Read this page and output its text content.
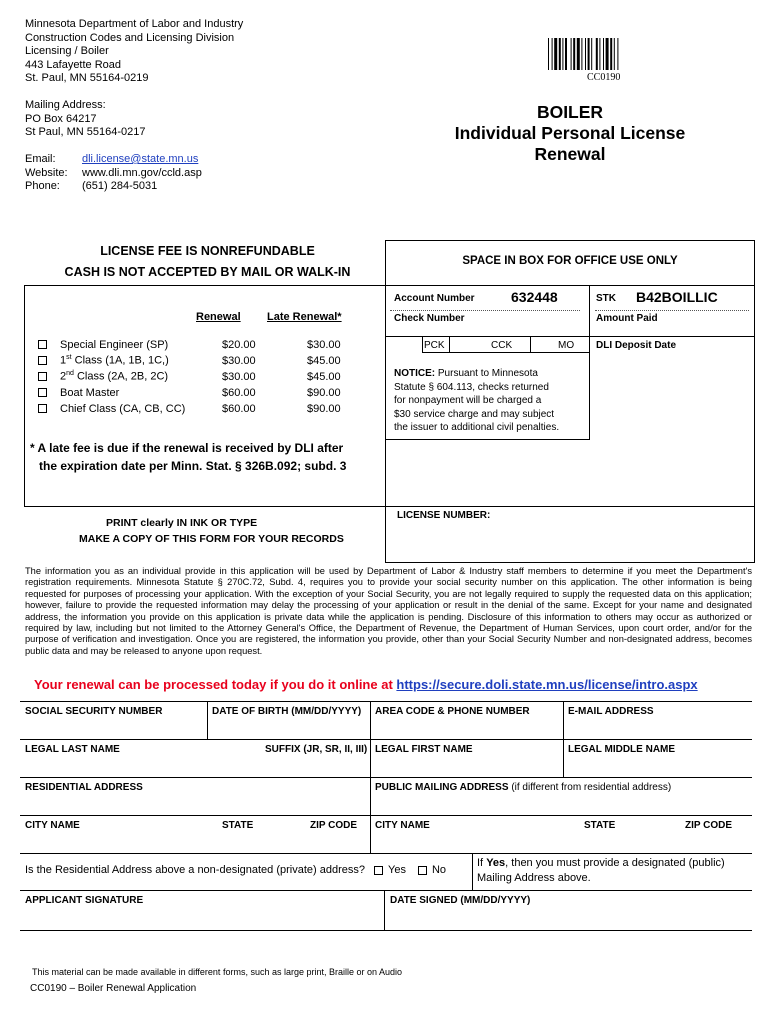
Minnesota Department of Labor and Industry
Construction Codes and Licensing Division
Licensing / Boiler
443 Lafayette Road
St. Paul, MN 55164-0219
Mailing Address:
PO Box 64217
St Paul, MN 55164-0217
Email: dli.license@state.mn.us
Website: www.dli.mn.gov/ccld.asp
Phone: (651) 284-5031
CC0190
BOILER
Individual Personal License
Renewal
LICENSE FEE IS NONREFUNDABLE
CASH IS NOT ACCEPTED BY MAIL OR WALK-IN
SPACE IN BOX FOR OFFICE USE ONLY
Account Number	632448	STK B42BOILLIC
Check Number	Amount Paid
PCK	CCK	MO DLI Deposit Date
NOTICE: Pursuant to Minnesota
Statute § 604.113, checks returned
for nonpayment will be charged a
$30 service charge and may subject
the issuer to additional civil penalties.
LICENSE NUMBER:
Renewal Late Renewal*
Special Engineer (SP)	$20.00	$30.00
1st Class (1A, 1B, 1C,)	$30.00	$45.00
2nd Class (2A, 2B, 2C)	$30.00	$45.00
Boat Master	$60.00	$90.00
Chief Class (CA, CB, CC)	$60.00	$90.00
* A late fee is due if the renewal is received by DLI after
the expiration date per Minn. Stat. § 326B.092; subd. 3
PRINT clearly IN INK OR TYPE
MAKE A COPY OF THIS FORM FOR YOUR RECORDS
The information you as an individual provide in this application will be used by Department of Labor & Industry staff members to determine if you meet the Department's registration requirements. Minnesota Statute § 270C.72, Subd. 4, requires you to provide your social security number on this application. The other information is being requested for purposes of processing your application. With the exception of your Social Security, you are not legally required to supply the requested data on this application; however, failure to provide the requested information may delay the processing of your application or result in the denial of the same. Except for your name and designated address, the information you provide on this application is private data while the application is pending. Disclosure of this information to others may occur as authorized or required by law, including but not limited to the Attorney General's Office, the Department of Revenue, the Department of Human Services, upon court order, and/or for the purpose of verification and investigation. Once you are registered, the information you provide, other than your Social Security Number and non-designated address, becomes public data and may be released to anyone upon request.
Your renewal can be processed today if you do it online at https://secure.doli.state.mn.us/license/intro.aspx
SOCIAL SECURITY NUMBER	DATE OF BIRTH (MM/DD/YYYY) AREA CODE & PHONE NUMBER	E-MAIL ADDRESS
LEGAL LAST NAME	SUFFIX (JR, SR, II, III) LEGAL FIRST NAME	LEGAL MIDDLE NAME
RESIDENTIAL ADDRESS	PUBLIC MAILING ADDRESS (if different from residential address)
CITY NAME	STATE	ZIP CODE CITY NAME	STATE	ZIP CODE
Is the Residential Address above a non-designated (private) address? Yes No
If Yes, then you must provide a designated (public)
Mailing Address above.
APPLICANT SIGNATURE	DATE SIGNED (MM/DD/YYYY)
This material can be made available in different forms, such as large print, Braille or on Audio
CC0190 – Boiler Renewal Application
